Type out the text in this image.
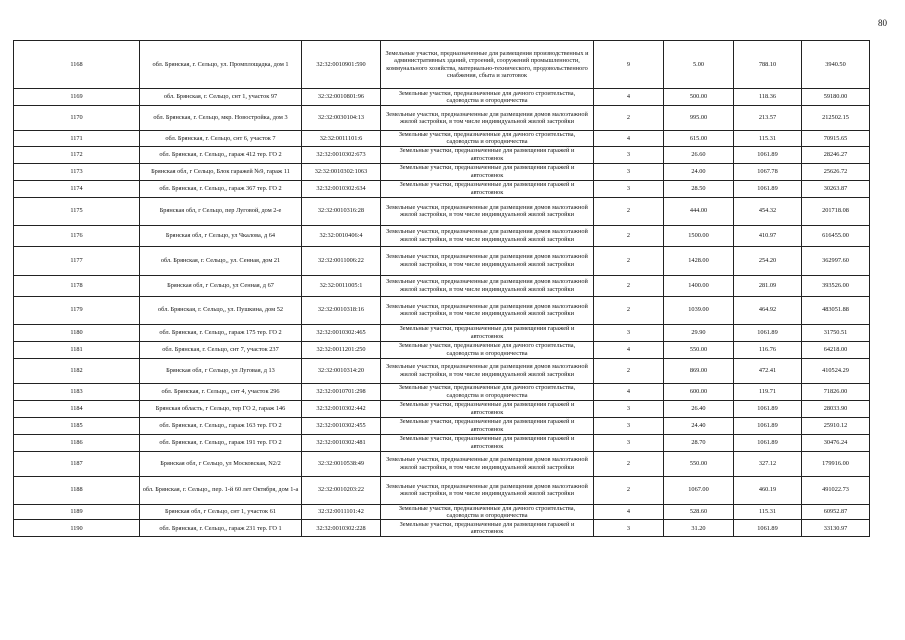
80
1168	обл. Брянская, г. Сельцо, ул. Промплощадка, дом 1	32:32:0010901:590	Земельные участки, предназначенные для размещения производственных и административных зданий, строений, сооружений промышленности, коммунального хозяйства, материально-технического, продовольственного снабжения, сбыта и заготовок	9	5.00	788.10	3940.50
1169	обл. Брянская, г. Сельцо, снт 1, участок 97	32:32:0010801:96	Земельные участки, предназначенные для дачного строительства, садоводства и огородничества	4	500.00	118.36	59180.00
1170	обл. Брянская, г. Сельцо, мкр. Новостройка, дом 3	32:32:0030104:13	Земельные участки, предназначенные для размещения домов малоэтажной жилой застройки, в том числе индивидуальной жилой застройки	2	995.00	213.57	212502.15
1171	обл. Брянская, г. Сельцо, снт 6, участок 7	32:32:0011101:6	Земельные участки, предназначенные для дачного строительства, садоводства и огородничества	4	615.00	115.31	70915.65
1172	обл. Брянская, г. Сельцо,, гараж 412 тер. ГО 2	32:32:0010302:673	Земельные участки, предназначенные для размещения гаражей и автостоянок	3	26.60	1061.89	28246.27
1173	Брянская обл, г Сельцо, Блок гаражей №9, гараж 11	32:32:0010302:1063	Земельные участки, предназначенные для размещения гаражей и автостоянок	3	24.00	1067.78	25626.72
1174	обл. Брянская, г. Сельцо,, гараж 367 тер. ГО 2	32:32:0010302:634	Земельные участки, предназначенные для размещения гаражей и автостоянок	3	28.50	1061.89	30263.87
1175	Брянская обл, г Сельцо, пер Луговой, дом 2-е	32:32:0010316:28	Земельные участки, предназначенные для размещения домов малоэтажной жилой застройки, в том числе индивидуальной жилой застройки	2	444.00	454.32	201718.08
1176	Брянская обл, г Сельцо, ул Чкалова, д 64	32:32:0010406:4	Земельные участки, предназначенные для размещения домов малоэтажной жилой застройки, в том числе индивидуальной жилой застройки	2	1500.00	410.97	616455.00
1177	обл. Брянская, г. Сельцо,, ул. Сенная, дом 21	32:32:0011006:22	Земельные участки, предназначенные для размещения домов малоэтажной жилой застройки, в том числе индивидуальной жилой застройки	2	1428.00	254.20	362997.60
1178	Брянская обл, г Сельцо, ул Сенная, д 67	32:32:0011005:1	Земельные участки, предназначенные для размещения домов малоэтажной жилой застройки, в том числе индивидуальной жилой застройки	2	1400.00	281.09	393526.00
1179	обл. Брянская, г. Сельцо,, ул. Пушкина, дом 52	32:32:0010318:16	Земельные участки, предназначенные для размещения домов малоэтажной жилой застройки, в том числе индивидуальной жилой застройки	2	1039.00	464.92	483051.88
1180	обл. Брянская, г. Сельцо,, гараж 175 тер. ГО 2	32:32:0010302:465	Земельные участки, предназначенные для размещения гаражей и автостоянок	3	29.90	1061.89	31750.51
1181	обл. Брянская, г. Сельцо, снт 7, участок 237	32:32:0011201:250	Земельные участки, предназначенные для дачного строительства, садоводства и огородничества	4	550.00	116.76	64218.00
1182	Брянская обл, г Сельцо, ул Луговая, д 13	32:32:0010314:20	Земельные участки, предназначенные для размещения домов малоэтажной жилой застройки, в том числе индивидуальной жилой застройки	2	869.00	472.41	410524.29
1183	обл. Брянская, г. Сельцо,, снт 4, участок 296	32:32:0010701:298	Земельные участки, предназначенные для дачного строительства, садоводства и огородничества	4	600.00	119.71	71826.00
1184	Брянская область, г Сельцо, тер ГО 2, гараж 146	32:32:0010302:442	Земельные участки, предназначенные для размещения гаражей и автостоянок	3	26.40	1061.89	28033.90
1185	обл. Брянская, г. Сельцо,, гараж 163 тер. ГО 2	32:32:0010302:455	Земельные участки, предназначенные для размещения гаражей и автостоянок	3	24.40	1061.89	25910.12
1186	обл. Брянская, г. Сельцо,, гараж 191 тер. ГО 2	32:32:0010302:481	Земельные участки, предназначенные для размещения гаражей и автостоянок	3	28.70	1061.89	30476.24
1187	Брянская обл, г Сельцо, ул Московская, N2/2	32:32:0010538:49	Земельные участки, предназначенные для размещения домов малоэтажной жилой застройки, в том числе индивидуальной жилой застройки	2	550.00	327.12	179916.00
1188	обл. Брянская, г. Сельцо,, пер. 1-й 60 лет Октября, дом 1-а	32:32:0010203:22	Земельные участки, предназначенные для размещения домов малоэтажной жилой застройки, в том числе индивидуальной жилой застройки	2	1067.00	460.19	491022.73
1189	Брянская обл, г Сельцо, снт 1, участок 61	32:32:0011101:42	Земельные участки, предназначенные для дачного строительства, садоводства и огородничества	4	528.60	115.31	60952.87
1190	обл. Брянская, г. Сельцо,, гараж 231 тер. ГО 1	32:32:0010302:228	Земельные участки, предназначенные для размещения гаражей и автостоянок	3	31.20	1061.89	33130.97
